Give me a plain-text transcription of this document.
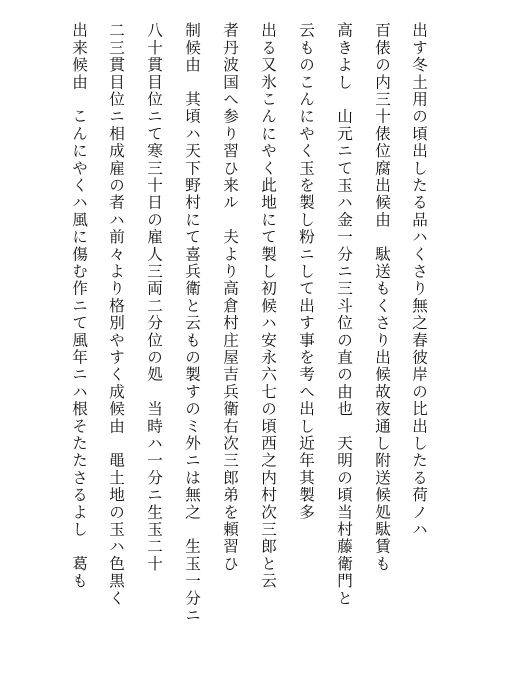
出す冬土用の頃出したる品ハくさり無之春彼岸の比出したる荷ノハ
百俵の内三十俵位腐出候由　駄送もくさり出候故夜通し附送候処駄賃も
高きよし　山元ニて玉ハ金一分ニ三斗位の直の由也　天明の頃当村藤衛門と
云ものこんにやく玉を製し粉ニして出す事を考へ出し近年其製多
出る又氷こんにやく此地にて製し初候ハ安永六七の頃西之内村次三郎と云
者丹波国へ参り習ひ来ル　夫より高倉村庄屋吉兵衛右次三郎弟を頼習ひ
制候由　其頃ハ天下野村にて喜兵衛と云もの製すのミ外ニは無之　生玉一分ニ
八十貫目位ニて寒三十日の雇人三両二分位の処　当時ハ一分ニ生玉二十
二三貫目位ニ相成雇の者ハ前々より格別やすく成候由　黽土地の玉ハ色黒く
出来候由　こんにやくハ風に傷む作ニて風年ニハ根そたたさるよし　葛も
